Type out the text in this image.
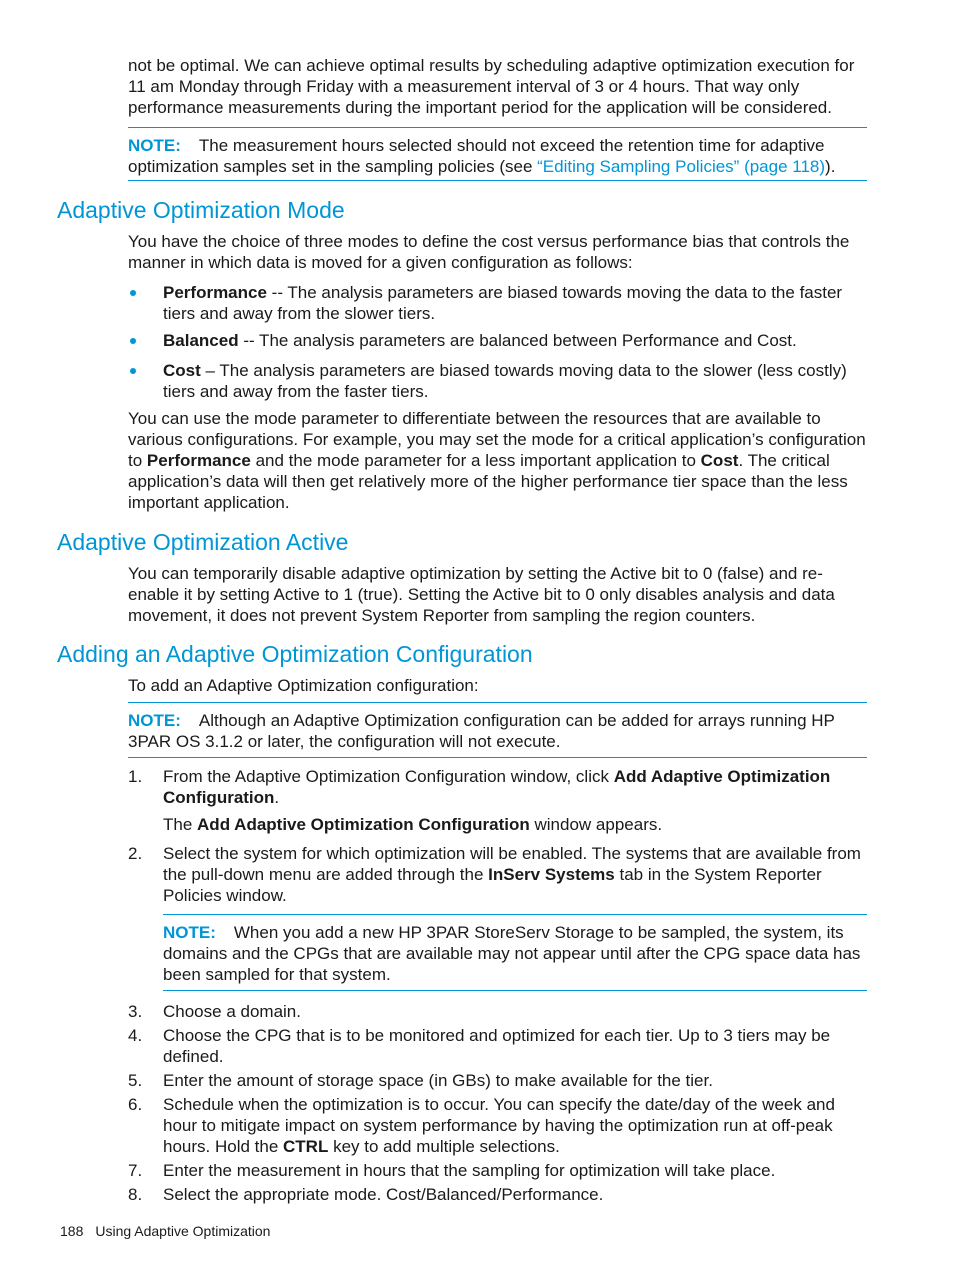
not be optimal. We can achieve optimal results by scheduling adaptive optimization execution for 11 am Monday through Friday with a measurement interval of 3 or 4 hours. That way only performance measurements during the important period for the application will be considered.

NOTE: The measurement hours selected should not exceed the retention time for adaptive optimization samples set in the sampling policies (see “Editing Sampling Policies” (page 118)).

Adaptive Optimization Mode

You have the choice of three modes to define the cost versus performance bias that controls the manner in which data is moved for a given configuration as follows:

Performance -- The analysis parameters are biased towards moving the data to the faster tiers and away from the slower tiers.
Balanced -- The analysis parameters are balanced between Performance and Cost.
Cost – The analysis parameters are biased towards moving data to the slower (less costly) tiers and away from the faster tiers.

You can use the mode parameter to differentiate between the resources that are available to various configurations. For example, you may set the mode for a critical application’s configuration to Performance and the mode parameter for a less important application to Cost. The critical application’s data will then get relatively more of the higher performance tier space than the less important application.

Adaptive Optimization Active

You can temporarily disable adaptive optimization by setting the Active bit to 0 (false) and re-enable it by setting Active to 1 (true). Setting the Active bit to 0 only disables analysis and data movement, it does not prevent System Reporter from sampling the region counters.

Adding an Adaptive Optimization Configuration

To add an Adaptive Optimization configuration:

NOTE: Although an Adaptive Optimization configuration can be added for arrays running HP 3PAR OS 3.1.2 or later, the configuration will not execute.

1. From the Adaptive Optimization Configuration window, click Add Adaptive Optimization Configuration.

The Add Adaptive Optimization Configuration window appears.

2. Select the system for which optimization will be enabled. The systems that are available from the pull-down menu are added through the InServ Systems tab in the System Reporter Policies window.

NOTE: When you add a new HP 3PAR StoreServ Storage to be sampled, the system, its domains and the CPGs that are available may not appear until after the CPG space data has been sampled for that system.

3. Choose a domain.
4. Choose the CPG that is to be monitored and optimized for each tier. Up to 3 tiers may be defined.
5. Enter the amount of storage space (in GBs) to make available for the tier.
6. Schedule when the optimization is to occur. You can specify the date/day of the week and hour to mitigate impact on system performance by having the optimization run at off-peak hours. Hold the CTRL key to add multiple selections.
7. Enter the measurement in hours that the sampling for optimization will take place.
8. Select the appropriate mode. Cost/Balanced/Performance.
188 Using Adaptive Optimization
